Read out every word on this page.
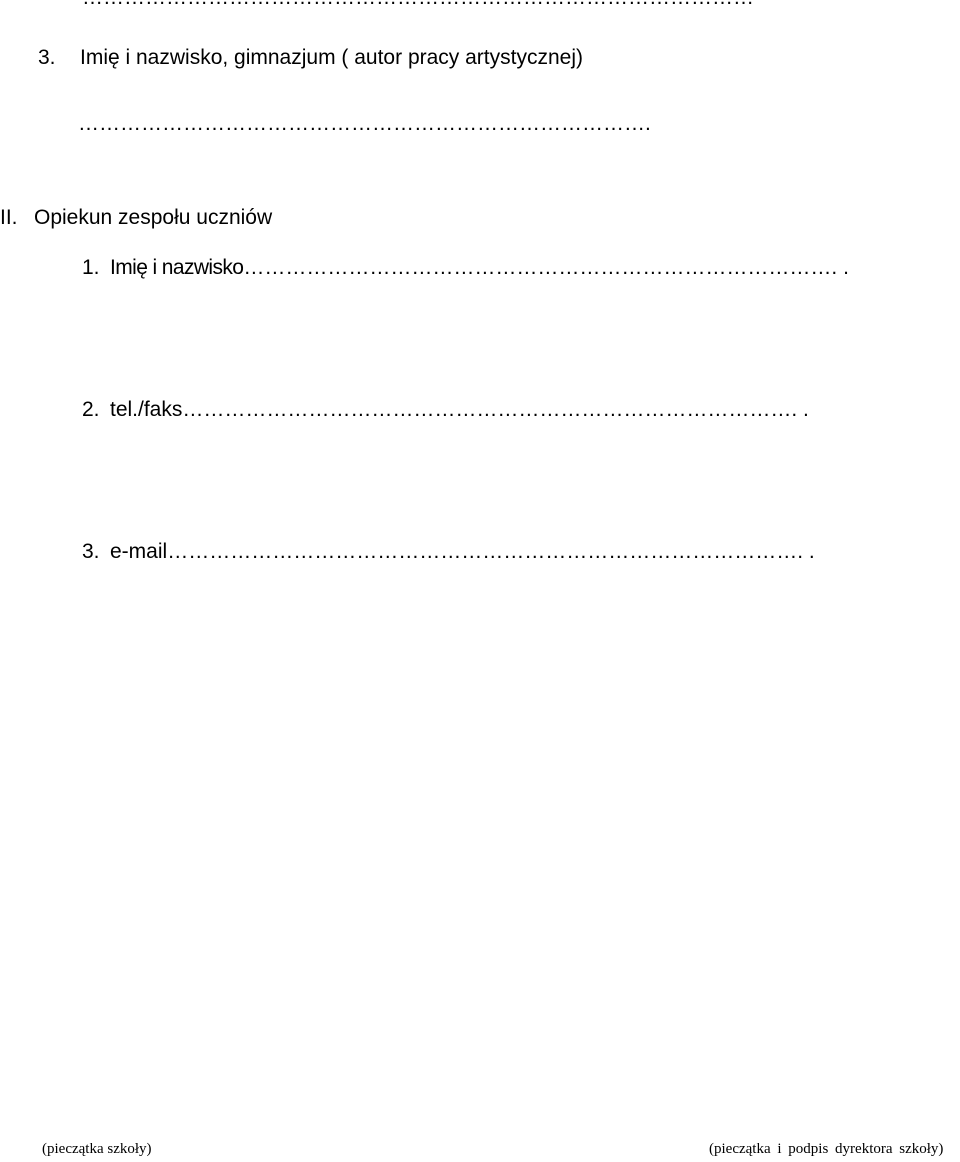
3. Imię i nazwisko, gimnazjum ( autor pracy artystycznej)
……………………………………………………………………….
II. Opiekun zespołu uczniów
1. Imię i nazwisko…………………………………………………………………………. .
2. tel./faks……………………………………………………………………………. .
3. e-mail………………………………………………………………………………. .
(pieczątka szkoły)	(pieczątka i podpis dyrektora szkoły)
